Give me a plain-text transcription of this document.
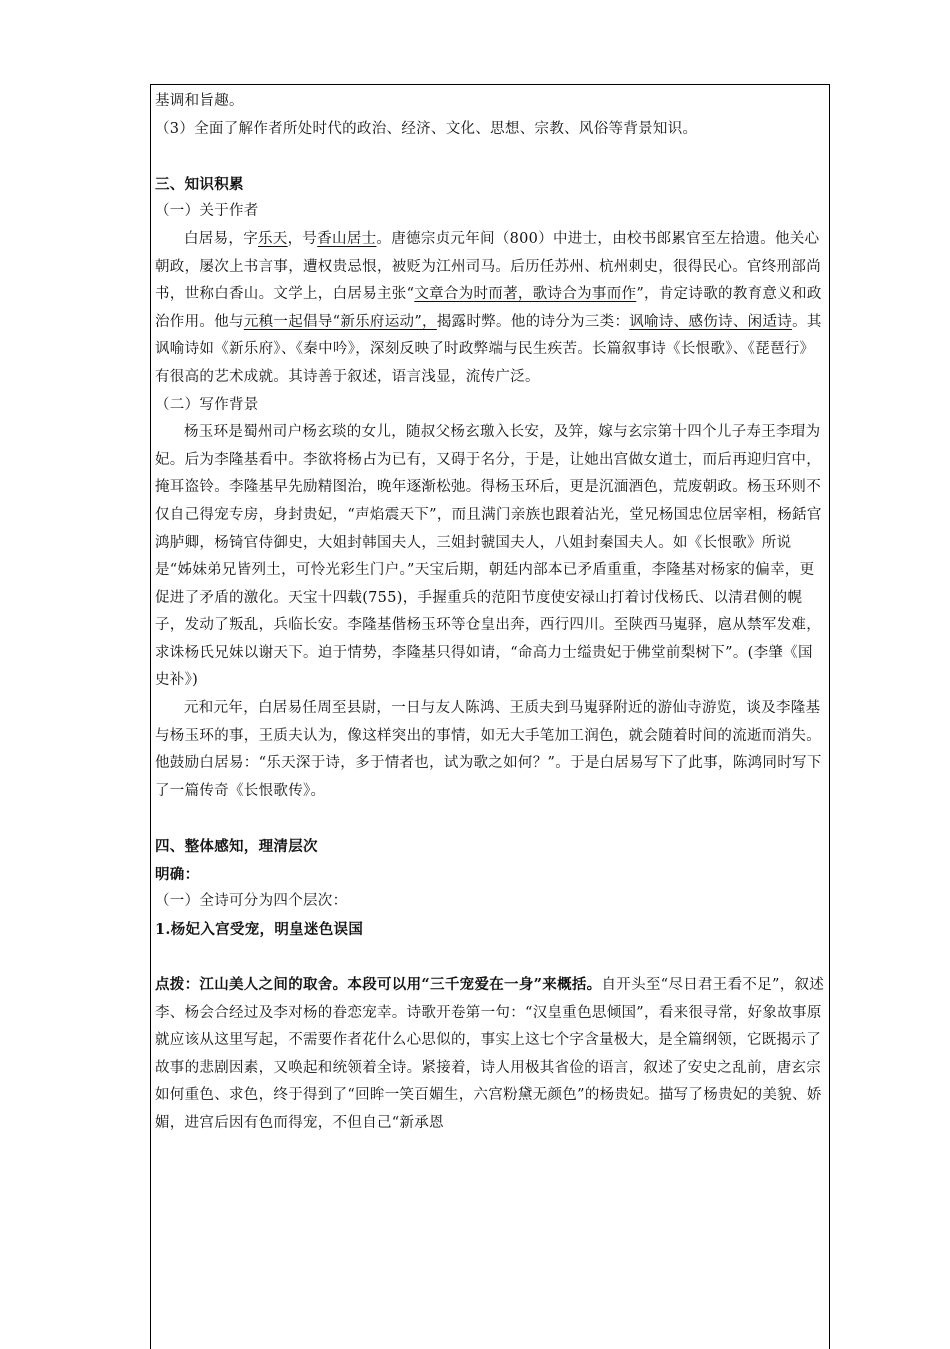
基调和旨趣。

（3）全面了解作者所处时代的政治、经济、文化、思想、宗教、风俗等背景知识。

三、知识积累

（一）关于作者

白居易，字乐天，号香山居士。唐德宗贞元年间（800）中进士，由校书郎累官至左拾遗。他关心朝政，屡次上书言事，遭权贵忌恨，被贬为江州司马。后历任苏州、杭州刺史，很得民心。官终刑部尚书，世称白香山。文学上，白居易主张“文章合为时而著，歌诗合为事而作”，肯定诗歌的教育意义和政治作用。他与元稹一起倡导“新乐府运动”，揭露时弊。他的诗分为三类：讽喻诗、感伤诗、闲适诗。其讽喻诗如《新乐府》、《秦中吟》，深刻反映了时政弊端与民生疾苦。长篇叙事诗《长恨歌》、《琵琶行》有很高的艺术成就。其诗善于叙述，语言浅显，流传广泛。

（二）写作背景

杨玉环是蜀州司户杨玄琰的女儿，随叔父杨玄璬入长安，及笄，嫁与玄宗第十四个儿子寿王李瑁为妃。后为李隆基看中。李欲将杨占为已有，又碍于名分，于是，让她出宫做女道士，而后再迎归宫中，掩耳盗铃。李隆基早先励精图治，晚年逐渐松弛。得杨玉环后，更是沉湎酒色，荒废朝政。杨玉环则不仅自己得宠专房，身封贵妃，“声焰震天下”，而且满门亲族也跟着沾光，堂兄杨国忠位居宰相，杨銛官鸿胪卿，杨锜官侍御史，大姐封韩国夫人，三姐封虢国夫人，八姐封秦国夫人。如《长恨歌》所说是“姊妹弟兄皆列土，可怜光彩生门户。”天宝后期，朝廷内部本已矛盾重重，李隆基对杨家的偏幸，更促进了矛盾的激化。天宝十四载(755)，手握重兵的范阳节度使安禄山打着讨伐杨氏、以清君侧的幌子，发动了叛乱，兵临长安。李隆基偕杨玉环等仓皇出奔，西行四川。至陕西马嵬驿，扈从禁军发难，求诛杨氏兄妹以谢天下。迫于情势，李隆基只得如请，“命高力士缢贵妃于佛堂前梨树下”。(李肇《国史补》)

元和元年，白居易任周至县尉，一日与友人陈鸿、王质夫到马嵬驿附近的游仙寺游览，谈及李隆基与杨玉环的事，王质夫认为，像这样突出的事情，如无大手笔加工润色，就会随着时间的流逝而消失。他鼓励白居易：“乐天深于诗，多于情者也，试为歌之如何？”。于是白居易写下了此事，陈鸿同时写下了一篇传奇《长恨歌传》。

四、整体感知，理清层次

明确：

（一）全诗可分为四个层次：

1.杨妃入宫受宠，明皇迷色误国

点拨：江山美人之间的取舍。本段可以用“三千宠爱在一身”来概括。自开头至“尽日君王看不足”，叙述李、杨会合经过及李对杨的眷恋宠幸。诗歌开卷第一句：“汉皇重色思倾国”，看来很寻常，好象故事原就应该从这里写起，不需要作者花什么心思似的，事实上这七个字含量极大，是全篇纲领，它既揭示了故事的悲剧因素，又唤起和统领着全诗。紧接着，诗人用极其省俭的语言，叙述了安史之乱前，唐玄宗如何重色、求色，终于得到了“回眸一笑百媚生，六宫粉黛无颜色”的杨贵妃。描写了杨贵妃的美貌、娇媚，进宫后因有色而得宠，不但自己“新承恩
